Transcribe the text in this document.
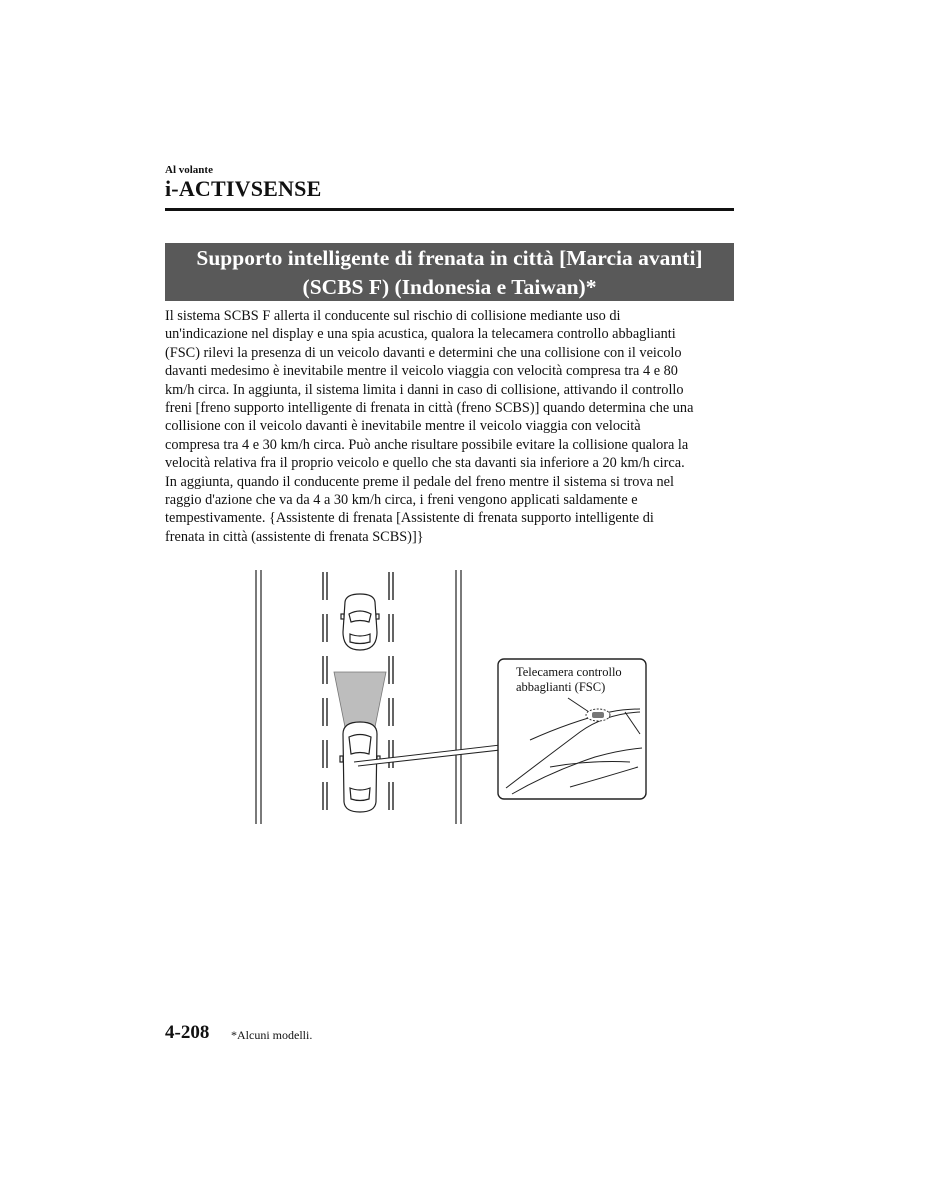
Al volante
i-ACTIVSENSE
Supporto intelligente di frenata in città [Marcia avanti]
(SCBS F) (Indonesia e Taiwan)*
Il sistema SCBS F allerta il conducente sul rischio di collisione mediante uso di
un'indicazione nel display e una spia acustica, qualora la telecamera controllo abbaglianti
(FSC) rilevi la presenza di un veicolo davanti e determini che una collisione con il veicolo
davanti medesimo è inevitabile mentre il veicolo viaggia con velocità compresa tra 4 e 80
km/h circa. In aggiunta, il sistema limita i danni in caso di collisione, attivando il controllo
freni [freno supporto intelligente di frenata in città (freno SCBS)] quando determina che una
collisione con il veicolo davanti è inevitabile mentre il veicolo viaggia con velocità
compresa tra 4 e 30 km/h circa. Può anche risultare possibile evitare la collisione qualora la
velocità relativa fra il proprio veicolo e quello che sta davanti sia inferiore a 20 km/h circa.
In aggiunta, quando il conducente preme il pedale del freno mentre il sistema si trova nel
raggio d'azione che va da 4 a 30 km/h circa, i freni vengono applicati saldamente e
tempestivamente. {Assistente di frenata [Assistente di frenata supporto intelligente di
frenata in città (assistente di frenata SCBS)]}
Telecamera controllo
abbaglianti (FSC)
4-208 *Alcuni modelli.
